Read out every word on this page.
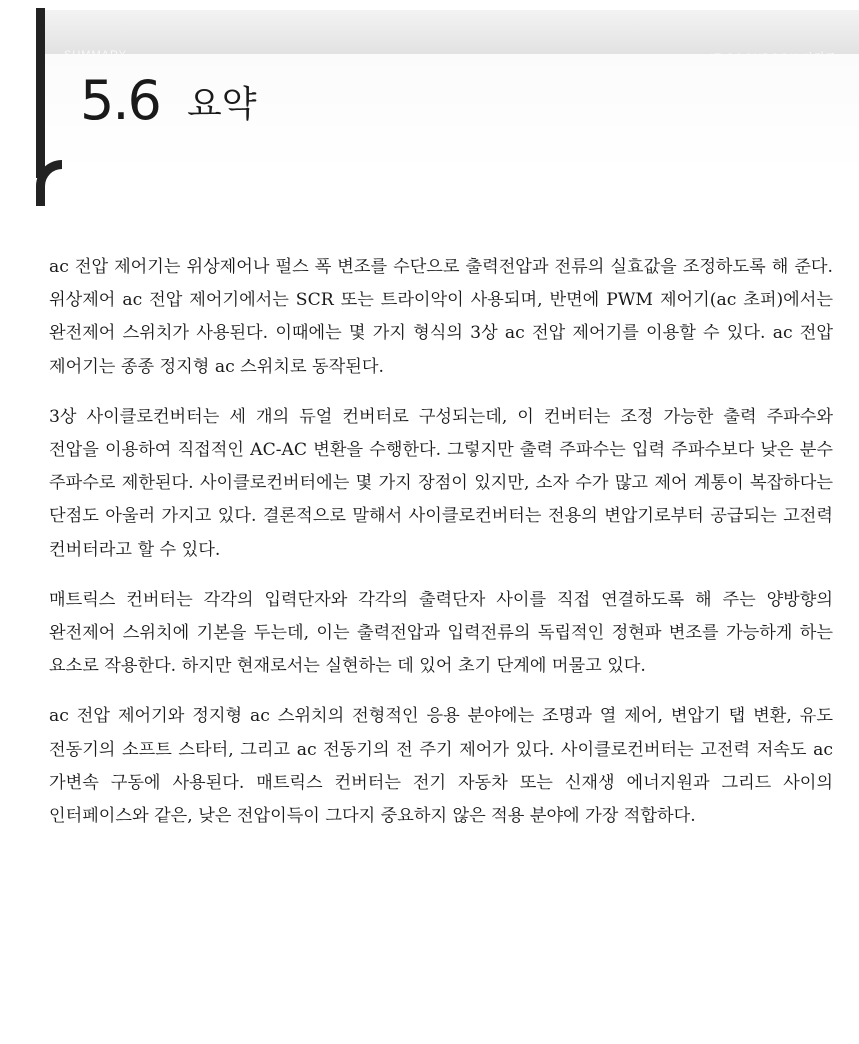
5.6 요약

ac 전압 제어기는 위상제어나 펄스 폭 변조를 수단으로 출력전압과 전류의 실효값을 조정하도록 해 준다. 위상제어 ac 전압 제어기에서는 SCR 또는 트라이악이 사용되며, 반면에 PWM 제어기(ac 초퍼)에서는 완전제어 스위치가 사용된다. 이때에는 몇 가지 형식의 3상 ac 전압 제어기를 이용할 수 있다. ac 전압 제어기는 종종 정지형 ac 스위치로 동작된다.

3상 사이클로컨버터는 세 개의 듀얼 컨버터로 구성되는데, 이 컨버터는 조정 가능한 출력 주파수와 전압을 이용하여 직접적인 AC-AC 변환을 수행한다. 그렇지만 출력 주파수는 입력 주파수보다 낮은 분수 주파수로 제한된다. 사이클로컨버터에는 몇 가지 장점이 있지만, 소자 수가 많고 제어 계통이 복잡하다는 단점도 아울러 가지고 있다. 결론적으로 말해서 사이클로컨버터는 전용의 변압기로부터 공급되는 고전력 컨버터라고 할 수 있다.

매트릭스 컨버터는 각각의 입력단자와 각각의 출력단자 사이를 직접 연결하도록 해 주는 양방향의 완전제어 스위치에 기본을 두는데, 이는 출력전압과 입력전류의 독립적인 정현파 변조를 가능하게 하는 요소로 작용한다. 하지만 현재로서는 실현하는 데 있어 초기 단계에 머물고 있다.

ac 전압 제어기와 정지형 ac 스위치의 전형적인 응용 분야에는 조명과 열 제어, 변압기 탭 변환, 유도 전동기의 소프트 스타터, 그리고 ac 전동기의 전 주기 제어가 있다. 사이클로컨버터는 고전력 저속도 ac 가변속 구동에 사용된다. 매트릭스 컨버터는 전기 자동차 또는 신재생 에너지원과 그리드 사이의 인터페이스와 같은, 낮은 전압이득이 그다지 중요하지 않은 적용 분야에 가장 적합하다.
